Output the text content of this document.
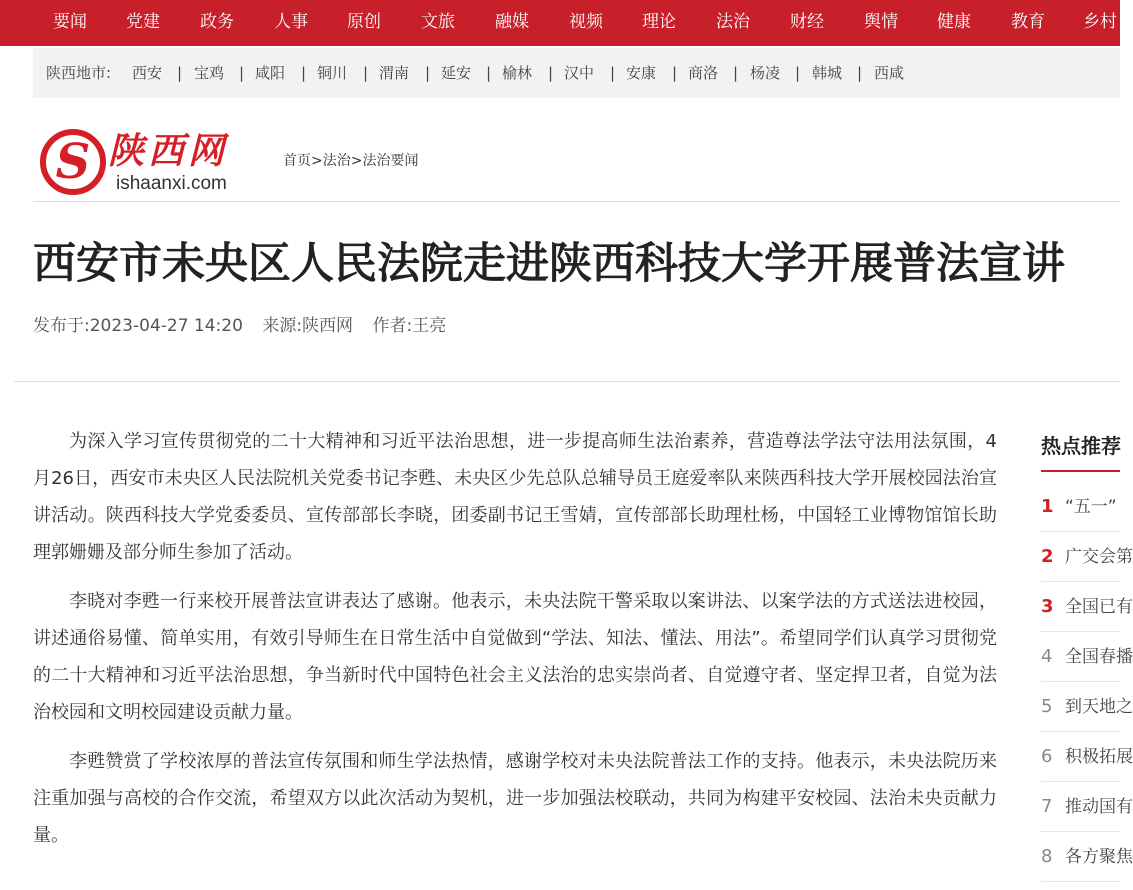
要闻 党建 政务 人事 原创 文旅 融媒 视频 理论 法治 财经 舆情 健康 教育 乡村
陕西地市: 西安 | 宝鸡 | 咸阳 | 铜川 | 渭南 | 延安 | 榆林 | 汉中 | 安康 | 商洛 | 杨凌 | 韩城 | 西咸
S 陕西网
ishaanxi.com
首页>法治>法治要闻
西安市未央区人民法院走进陕西科技大学开展普法宣讲
发布于:2023-04-27 14:20 来源:陕西网 作者:王亮

为深入学习宣传贯彻党的二十大精神和习近平法治思想，进一步提高师生法治素养，营造尊法学法守法用法氛围，4月26日，西安市未央区人民法院机关党委书记李甦、未央区少先总队总辅导员王庭爱率队来陕西科技大学开展校园法治宣讲活动。陕西科技大学党委委员、宣传部部长李晓，团委副书记王雪婧，宣传部部长助理杜杨，中国轻工业博物馆馆长助理郭姗姗及部分师生参加了活动。

李晓对李甦一行来校开展普法宣讲表达了感谢。他表示，未央法院干警采取以案讲法、以案学法的方式送法进校园，讲述通俗易懂、简单实用，有效引导师生在日常生活中自觉做到“学法、知法、懂法、用法”。希望同学们认真学习贯彻党的二十大精神和习近平法治思想，争当新时代中国特色社会主义法治的忠实崇尚者、自觉遵守者、坚定捍卫者，自觉为法治校园和文明校园建设贡献力量。

李甦赞赏了学校浓厚的普法宣传氛围和师生学法热情，感谢学校对未央法院普法工作的支持。他表示，未央法院历来注重加强与高校的合作交流，希望双方以此次活动为契机，进一步加强法校联动，共同为构建平安校园、法治未央贡献力量。

热点推荐
1 “五一”
2 广交会第
3 全国已有
4 全国春播
5 到天地之
6 积极拓展
7 推动国有
8 各方聚焦
